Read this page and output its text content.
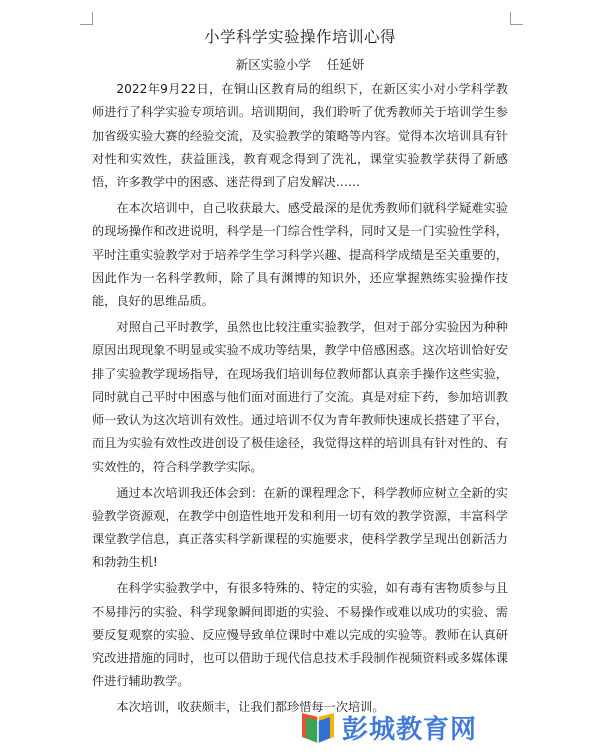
小学科学实验操作培训心得
新区实验小学 任延妍

2022年9月22日，在铜山区教育局的组织下，在新区实小对小学科学教师进行了科学实验专项培训。培训期间，我们聆听了优秀教师关于培训学生参加省级实验大赛的经验交流，及实验教学的策略等内容。觉得本次培训具有针对性和实效性，获益匪浅，教育观念得到了洗礼，课堂实验教学获得了新感悟，许多教学中的困惑、迷茫得到了启发解决……

在本次培训中，自己收获最大、感受最深的是优秀教师们就科学疑难实验的现场操作和改进说明，科学是一门综合性学科，同时又是一门实验性学科，平时注重实验教学对于培养学生学习科学兴趣、提高科学成绩是至关重要的，因此作为一名科学教师，除了具有渊博的知识外，还应掌握熟练实验操作技能，良好的思维品质。

对照自己平时教学，虽然也比较注重实验教学，但对于部分实验因为种种原因出现现象不明显或实验不成功等结果，教学中倍感困惑。这次培训恰好安排了实验教学现场指导，在现场我们培训每位教师都认真亲手操作这些实验，同时就自己平时中困惑与他们面对面进行了交流。真是对症下药，参加培训教师一致认为这次培训有效性。通过培训不仅为青年教师快速成长搭建了平台，而且为实验有效性改进创设了极佳途径，我觉得这样的培训具有针对性的、有实效性的，符合科学教学实际。

通过本次培训我还体会到：在新的课程理念下，科学教师应树立全新的实验教学资源观，在教学中创造性地开发和利用一切有效的教学资源，丰富科学课堂教学信息，真正落实科学新课程的实施要求，使科学教学呈现出创新活力和勃勃生机!

在科学实验教学中，有很多特殊的、特定的实验，如有毒有害物质参与且不易排污的实验、科学现象瞬间即逝的实验、不易操作或难以成功的实验、需要反复观察的实验、反应慢导致单位课时中难以完成的实验等。教师在认真研究改进措施的同时，也可以借助于现代信息技术手段制作视频资料或多媒体课件进行辅助教学。

本次培训，收获颇丰，让我们都珍惜每一次培训。

彭城教育网
